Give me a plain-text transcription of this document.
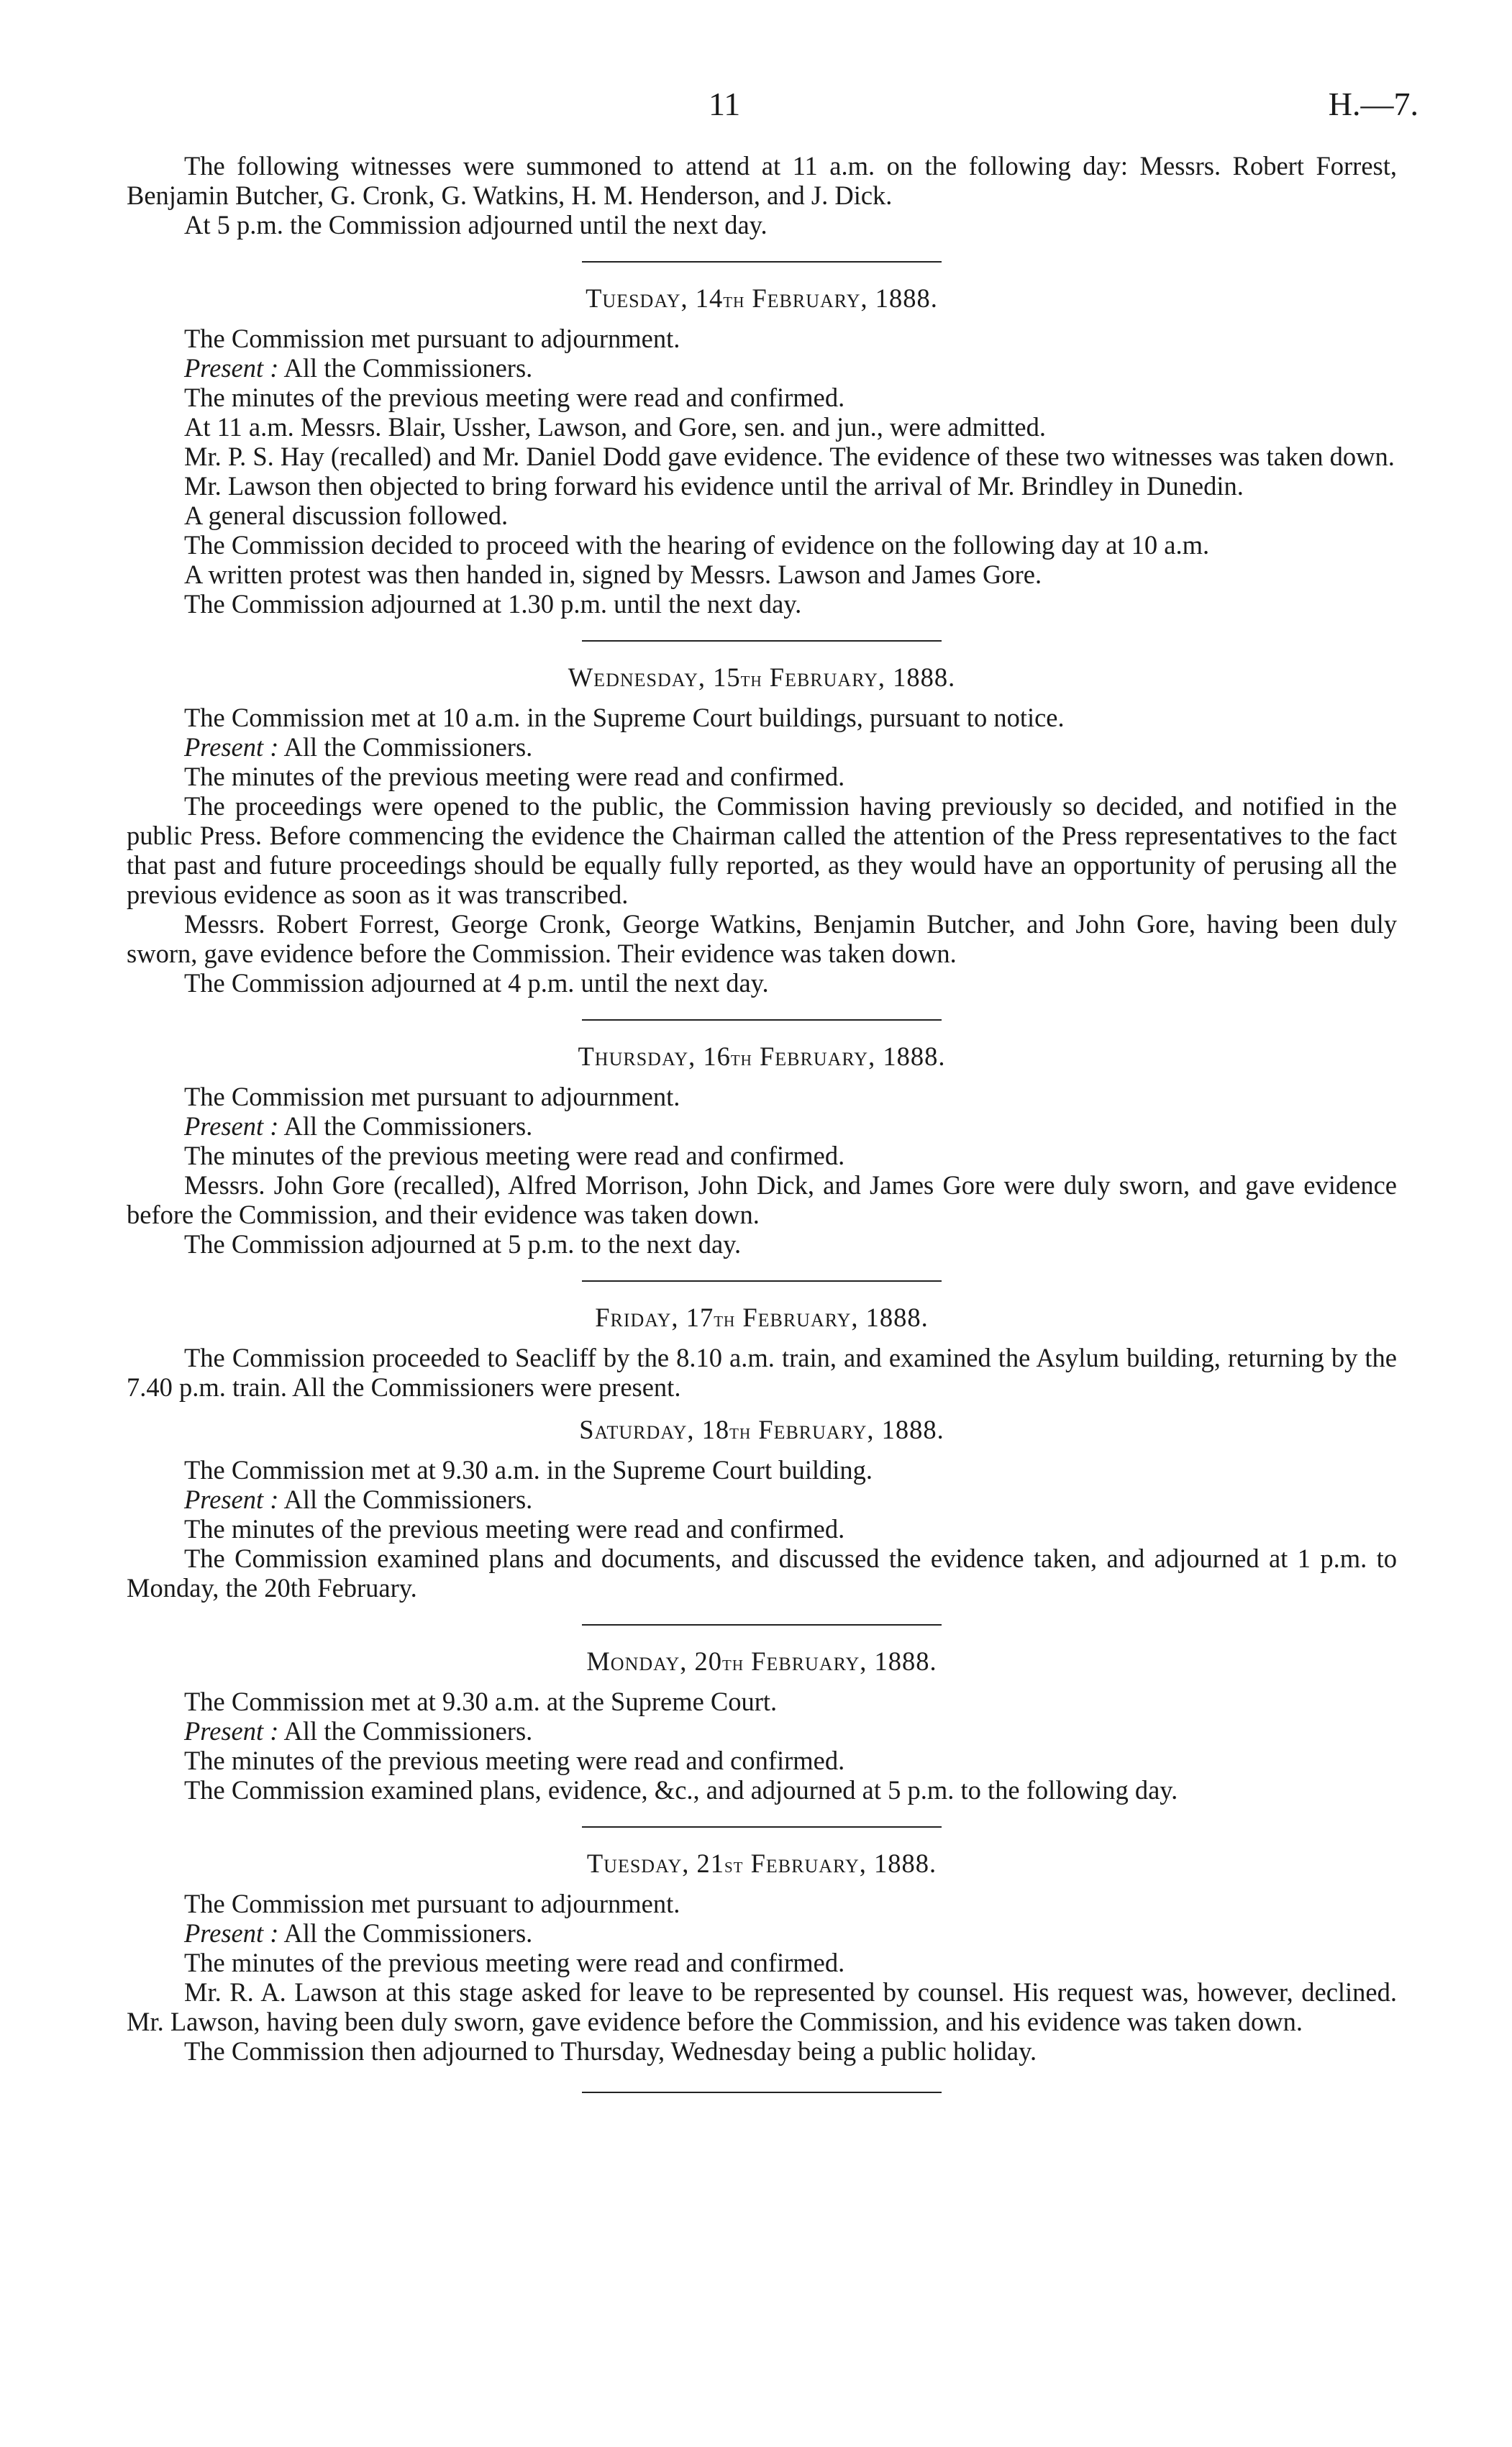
11	H.—7.

The following witnesses were summoned to attend at 11 a.m. on the following day: Messrs. Robert Forrest, Benjamin Butcher, G. Cronk, G. Watkins, H. M. Henderson, and J. Dick.

At 5 p.m. the Commission adjourned until the next day.

Tuesday, 14th February, 1888.

The Commission met pursuant to adjournment.

Present : All the Commissioners.

The minutes of the previous meeting were read and confirmed.

At 11 a.m. Messrs. Blair, Ussher, Lawson, and Gore, sen. and jun., were admitted.

Mr. P. S. Hay (recalled) and Mr. Daniel Dodd gave evidence. The evidence of these two witnesses was taken down.

Mr. Lawson then objected to bring forward his evidence until the arrival of Mr. Brindley in Dunedin.

A general discussion followed.

The Commission decided to proceed with the hearing of evidence on the following day at 10 a.m.

A written protest was then handed in, signed by Messrs. Lawson and James Gore.

The Commission adjourned at 1.30 p.m. until the next day.

Wednesday, 15th February, 1888.

The Commission met at 10 a.m. in the Supreme Court buildings, pursuant to notice.

Present : All the Commissioners.

The minutes of the previous meeting were read and confirmed.

The proceedings were opened to the public, the Commission having previously so decided, and notified in the public Press. Before commencing the evidence the Chairman called the attention of the Press representatives to the fact that past and future proceedings should be equally fully reported, as they would have an opportunity of perusing all the previous evidence as soon as it was transcribed.

Messrs. Robert Forrest, George Cronk, George Watkins, Benjamin Butcher, and John Gore, having been duly sworn, gave evidence before the Commission. Their evidence was taken down.

The Commission adjourned at 4 p.m. until the next day.

Thursday, 16th February, 1888.

The Commission met pursuant to adjournment.

Present : All the Commissioners.

The minutes of the previous meeting were read and confirmed.

Messrs. John Gore (recalled), Alfred Morrison, John Dick, and James Gore were duly sworn, and gave evidence before the Commission, and their evidence was taken down.

The Commission adjourned at 5 p.m. to the next day.

Friday, 17th February, 1888.

The Commission proceeded to Seacliff by the 8.10 a.m. train, and examined the Asylum building, returning by the 7.40 p.m. train. All the Commissioners were present.

Saturday, 18th February, 1888.

The Commission met at 9.30 a.m. in the Supreme Court building.

Present : All the Commissioners.

The minutes of the previous meeting were read and confirmed.

The Commission examined plans and documents, and discussed the evidence taken, and adjourned at 1 p.m. to Monday, the 20th February.

Monday, 20th February, 1888.

The Commission met at 9.30 a.m. at the Supreme Court.

Present : All the Commissioners.

The minutes of the previous meeting were read and confirmed.

The Commission examined plans, evidence, &c., and adjourned at 5 p.m. to the following day.

Tuesday, 21st February, 1888.

The Commission met pursuant to adjournment.

Present : All the Commissioners.

The minutes of the previous meeting were read and confirmed.

Mr. R. A. Lawson at this stage asked for leave to be represented by counsel. His request was, however, declined. Mr. Lawson, having been duly sworn, gave evidence before the Commission, and his evidence was taken down.

The Commission then adjourned to Thursday, Wednesday being a public holiday.
